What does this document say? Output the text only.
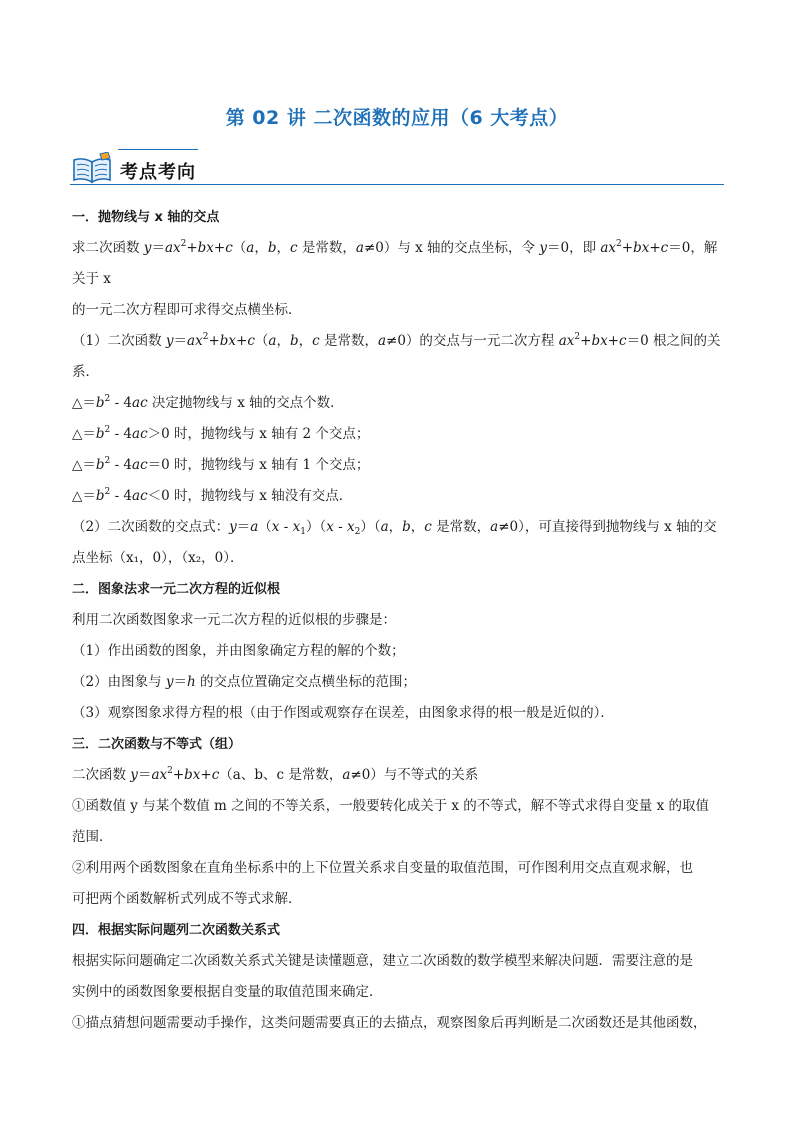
第 02 讲 二次函数的应用（6 大考点）
考点考向

一．抛物线与 x 轴的交点

求二次函数 $y=ax^2+bx+c(a$，b，c 是常数，a≠0）与 x 轴的交点坐标，令 y＝0，即 $ax^2+bx+c=0$，解关于 x

的一元二次方程即可求得交点横坐标．

（1）二次函数 $y=ax^2+bx+c(a$，b，c 是常数，a≠0）的交点与一元二次方程 $ax^2+bx+c=0$ 根之间的关

系．

$\triangle=b^2 - 4ac$ 决定抛物线与 x 轴的交点个数．

$\triangle=b^2 - 4ac>0$ 时，抛物线与 x 轴有 2 个交点；

$\triangle=b^2 - 4ac=0$ 时，抛物线与 x 轴有 1 个交点；

$\triangle=b^2 - 4ac<0$ 时，抛物线与 x 轴没有交点．

（2）二次函数的交点式：$y=a(x - x_1)(x - x_2)(a$，b，c 是常数，a≠0），可直接得到抛物线与 x 轴的交

点坐标（x₁，0），（x₂，0）．

二．图象法求一元二次方程的近似根

利用二次函数图象求一元二次方程的近似根的步骤是：

（1）作出函数的图象，并由图象确定方程的解的个数；

（2）由图象与 y＝h 的交点位置确定交点横坐标的范围；

（3）观察图象求得方程的根（由于作图或观察存在误差，由图象求得的根一般是近似的）．

三．二次函数与不等式（组）

二次函数 $y=ax^2+bx+c(a$、b、c 是常数，a≠0）与不等式的关系

①函数值 y 与某个数值 m 之间的不等关系，一般要转化成关于 x 的不等式，解不等式求得自变量 x 的取值

范围．

②利用两个函数图象在直角坐标系中的上下位置关系求自变量的取值范围，可作图利用交点直观求解，也

可把两个函数解析式列成不等式求解．

四．根据实际问题列二次函数关系式

根据实际问题确定二次函数关系式关键是读懂题意，建立二次函数的数学模型来解决问题．需要注意的是

实例中的函数图象要根据自变量的取值范围来确定．

①描点猜想问题需要动手操作，这类问题需要真正的去描点，观察图象后再判断是二次函数还是其他函数，
